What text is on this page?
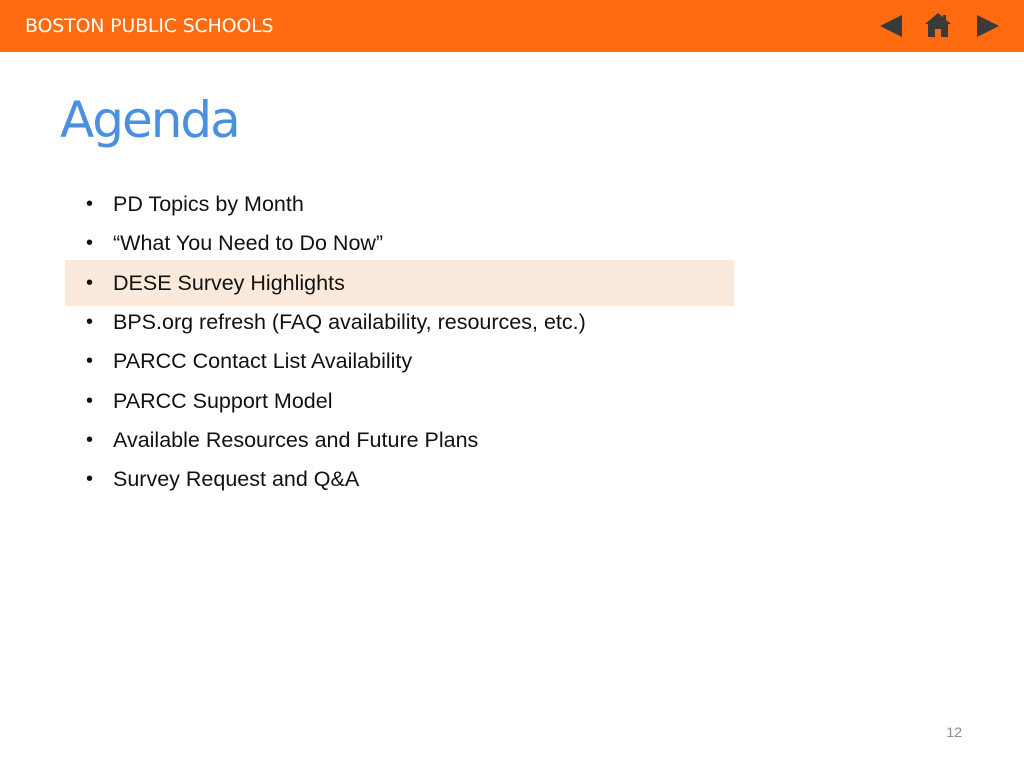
BOSTON PUBLIC SCHOOLS
Agenda
• PD Topics by Month
• “What You Need to Do Now”
• DESE Survey Highlights
• BPS.org refresh (FAQ availability, resources, etc.)
• PARCC Contact List Availability
• PARCC Support Model
• Available Resources and Future Plans
• Survey Request and Q&A
12
